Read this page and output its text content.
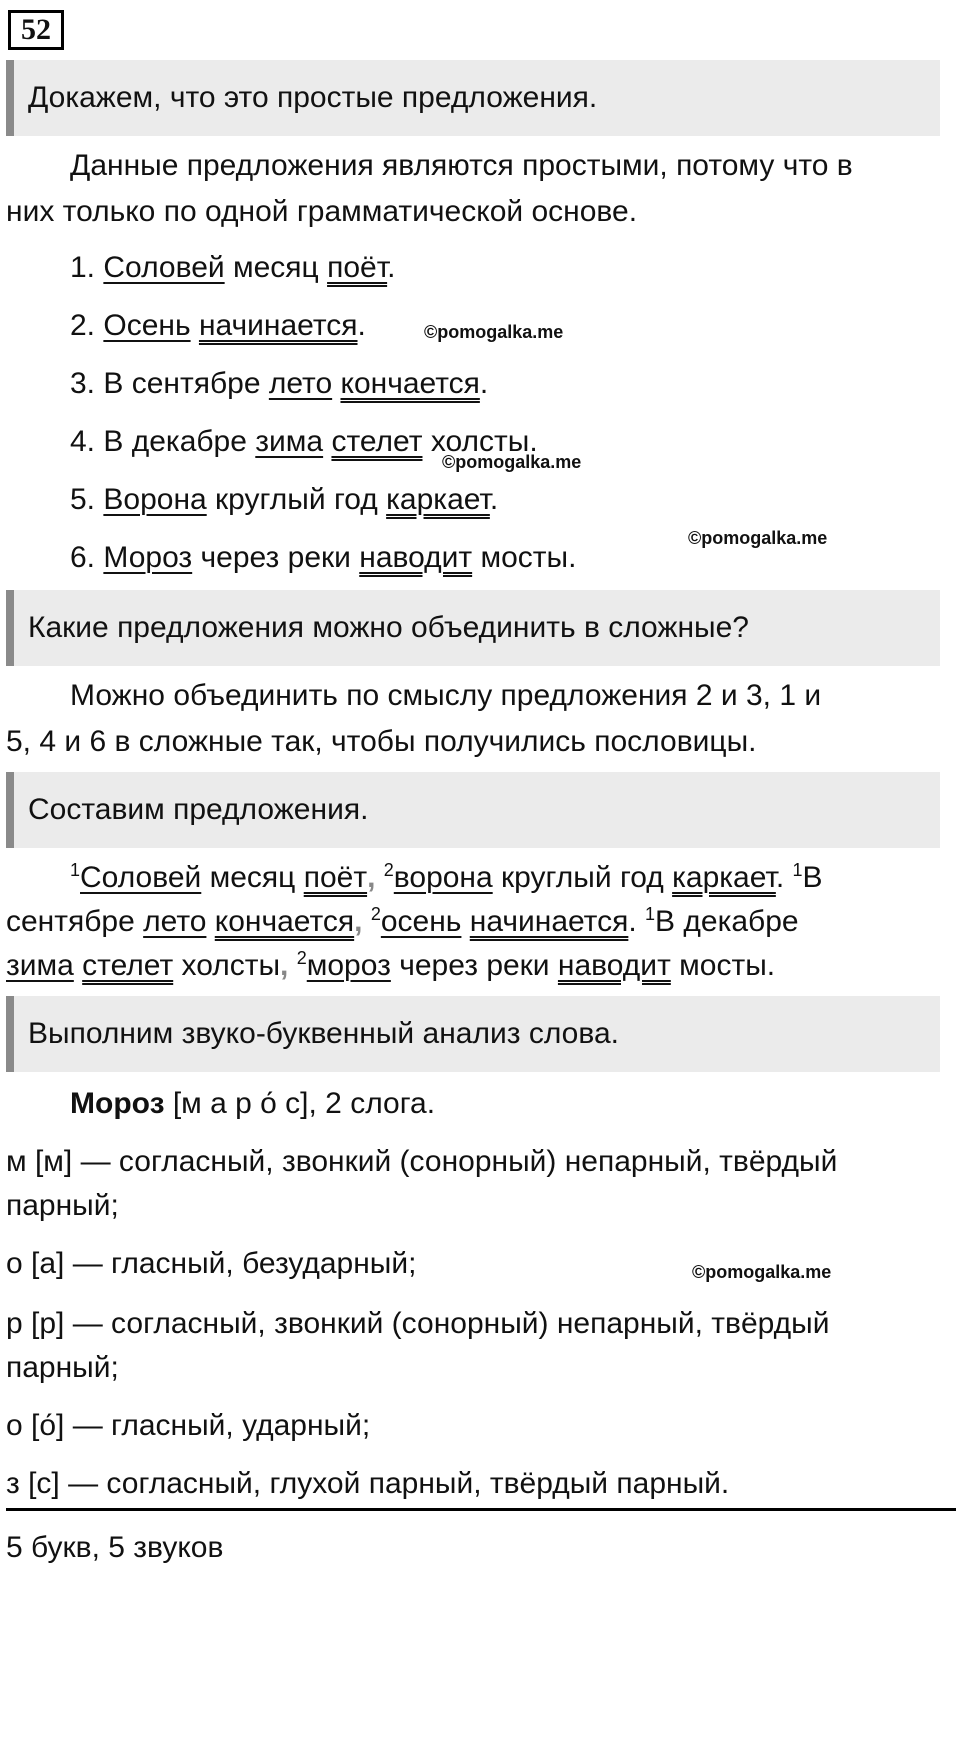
52
Докажем, что это простые предложения.
Данные предложения являются простыми, потому что в
них только по одной грамматической основе.
1. Соловей месяц поёт.
2. Осень начинается.
3. В сентябре лето кончается.
4. В декабре зима стелет холсты.
5. Ворона круглый год каркает.
6. Мороз через реки наводит мосты.
©pomogalka.me
©pomogalka.me
©pomogalka.me
Какие предложения можно объединить в сложные?
Можно объединить по смыслу предложения 2 и 3, 1 и
5, 4 и 6 в сложные так, чтобы получились пословицы.
Составим предложения.
$^1$Соловей месяц поёт, $^2$ворона круглый год каркает. $^1$В
сентябре лето кончается, $^2$осень начинается. $^1$В декабре
зима стелет холсты, $^2$мороз через реки наводит мосты.
Выполним звуко-буквенный анализ слова.
Мороз [м а р о́ с], 2 слога.
м [м] — согласный, звонкий (сонорный) непарный, твёрдый
парный;
о [а] — гласный, безударный;	©pomogalka.me
р [р] — согласный, звонкий (сонорный) непарный, твёрдый
парный;
о [о́] — гласный, ударный;
з [с] — согласный, глухой парный, твёрдый парный.
5 букв, 5 звуков
